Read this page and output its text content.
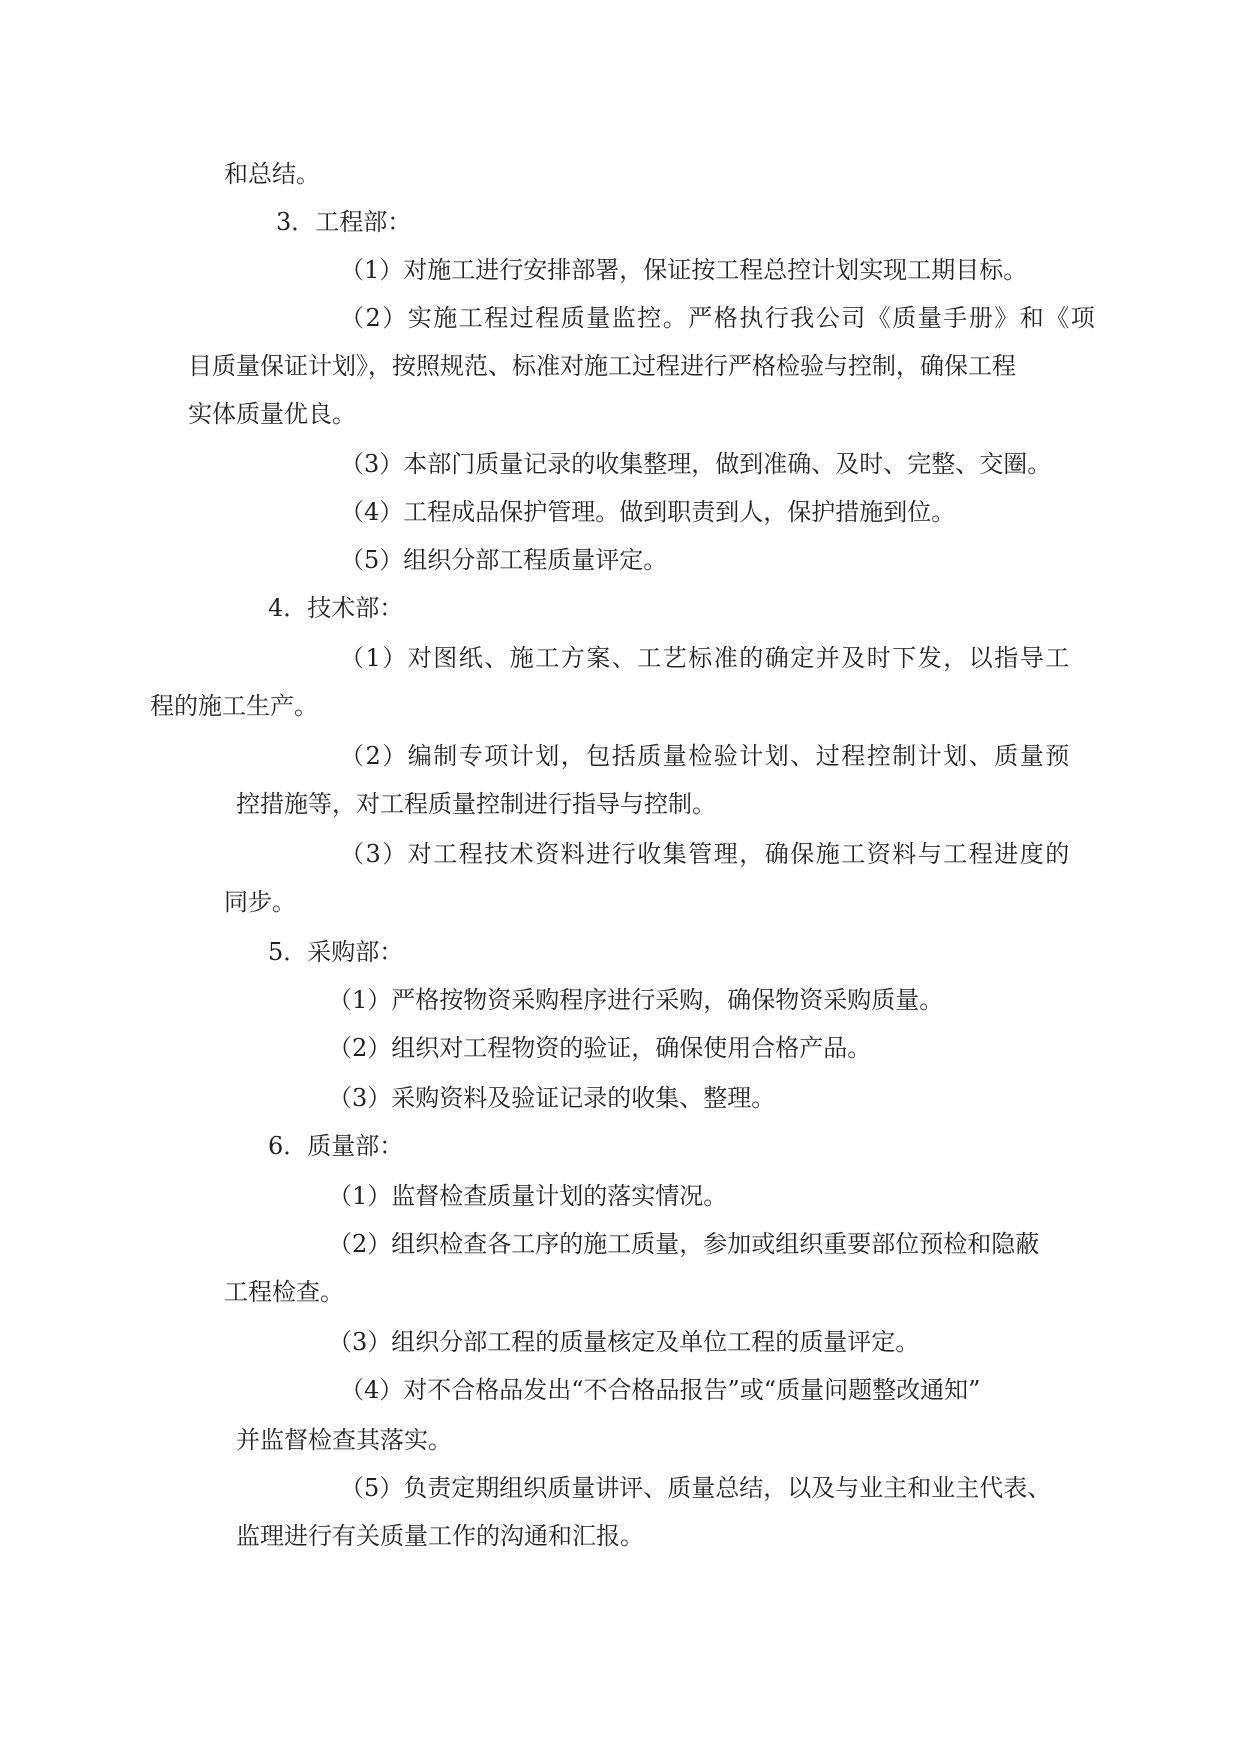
和总结。
3．工程部：
（1）对施工进行安排部署，保证按工程总控计划实现工期目标。
（2）实施工程过程质量监控。严格执行我公司《质量手册》和《项
目质量保证计划》，按照规范、标准对施工过程进行严格检验与控制，确保工程
实体质量优良。
（3）本部门质量记录的收集整理，做到准确、及时、完整、交圈。
（4）工程成品保护管理。做到职责到人，保护措施到位。
（5）组织分部工程质量评定。
4．技术部：
（1）对图纸、施工方案、工艺标准的确定并及时下发，以指导工
程的施工生产。
（2）编制专项计划，包括质量检验计划、过程控制计划、质量预
控措施等，对工程质量控制进行指导与控制。
（3）对工程技术资料进行收集管理，确保施工资料与工程进度的
同步。
5．采购部：
（1）严格按物资采购程序进行采购，确保物资采购质量。
（2）组织对工程物资的验证，确保使用合格产品。
（3）采购资料及验证记录的收集、整理。
6．质量部：
（1）监督检查质量计划的落实情况。
（2）组织检查各工序的施工质量，参加或组织重要部位预检和隐蔽
工程检查。
（3）组织分部工程的质量核定及单位工程的质量评定。
（4）对不合格品发出“不合格品报告”或“质量问题整改通知”
并监督检查其落实。
（5）负责定期组织质量讲评、质量总结，以及与业主和业主代表、
监理进行有关质量工作的沟通和汇报。
